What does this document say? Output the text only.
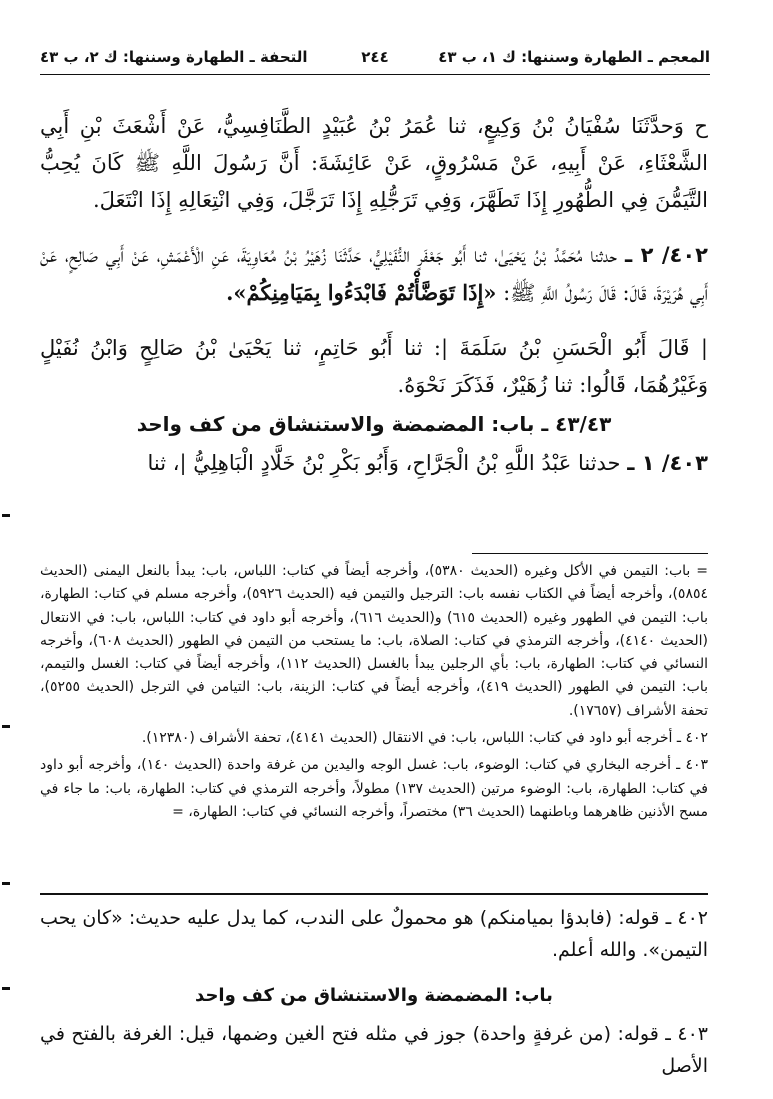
المعجم ـ الطهارة وسننها: ك ١، ب ٤٣
٢٤٤
التحفة ـ الطهارة وسننها: ك ٢، ب ٤٣

ح وَحدَّثَنَا سُفْيَانُ بْنُ وَكِيعٍ، ثنا عُمَرُ بْنُ عُبَيْدٍ الطَّنَافِسِيُّ، عَنْ أَشْعَثَ بْنِ أَبِي الشَّعْثَاءِ، عَنْ أَبِيهِ، عَنْ مَسْرُوقٍ، عَنْ عَائِشَةَ: أَنَّ رَسُولَ اللَّهِ ﷺ كَانَ يُحِبُّ التَّيَمُّنَ فِي الطُّهُورِ إِذَا تَطَهَّرَ، وَفِي تَرَجُّلِهِ إِذَا تَرَجَّلَ، وَفِي انْتِعَالِهِ إِذَا انْتَعَلَ.

٤٠٢/ ٢ ـ حدثنا مُحَمَّدُ بْنُ يَحْيَىٰ، ثنا أَبُو جَعْفَرٍ النُّفَيْلِيُّ، حَدَّثَنَا زُهَيْرُ بْنُ مُعَاوِيَةَ، عَنِ الْأَعْمَشِ، عَنْ أَبِي صَالِحٍ، عَنْ أَبِي هُرَيْرَةَ، قَالَ: قَالَ رَسُولُ اللَّهِ ﷺ: «إِذَا تَوَضَّأْتُمْ فَابْدَءُوا بِمَيَامِنِكُمْ».

| قَالَ أَبُو الْحَسَنِ بْنُ سَلَمَةَ |: ثنا أَبُو حَاتِمٍ، ثنا يَحْيَىٰ بْنُ صَالِحٍ وَابْنُ نُفَيْلٍ وَغَيْرُهُمَا، قَالُوا: ثنا زُهَيْرٌ، فَذَكَرَ نَحْوَهُ.

٤٣/٤٣ ـ باب: المضمضة والاستنشاق من كف واحد

٤٠٣/ ١ ـ حدثنا عَبْدُ اللَّهِ بْنُ الْجَرَّاحِ، وَأَبُو بَكْرِ بْنُ خَلَّادٍ الْبَاهِلِيُّ |، ثنا

= باب: التيمن في الأكل وغيره (الحديث ٥٣٨٠)، وأخرجه أيضاً في كتاب: اللباس، باب: يبدأ بالنعل اليمنى (الحديث ٥٨٥٤)، وأخرجه أيضاً في الكتاب نفسه باب: الترجيل والتيمن فيه (الحديث ٥٩٢٦)، وأخرجه مسلم في كتاب: الطهارة، باب: التيمن في الطهور وغيره (الحديث ٦١٥) و(الحديث ٦١٦)، وأخرجه أبو داود في كتاب: اللباس، باب: في الانتعال (الحديث ٤١٤٠)، وأخرجه الترمذي في كتاب: الصلاة، باب: ما يستحب من التيمن في الطهور (الحديث ٦٠٨)، وأخرجه النسائي في كتاب: الطهارة، باب: بأي الرجلين يبدأ بالغسل (الحديث ١١٢)، وأخرجه أيضاً في كتاب: الغسل والتيمم، باب: التيمن في الطهور (الحديث ٤١٩)، وأخرجه أيضاً في كتاب: الزينة، باب: التيامن في الترجل (الحديث ٥٢٥٥)، تحفة الأشراف (١٧٦٥٧).

٤٠٢ ـ أخرجه أبو داود في كتاب: اللباس، باب: في الانتقال (الحديث ٤١٤١)، تحفة الأشراف (١٢٣٨٠).

٤٠٣ ـ أخرجه البخاري في كتاب: الوضوء، باب: غسل الوجه واليدين من غرفة واحدة (الحديث ١٤٠)، وأخرجه أبو داود في كتاب: الطهارة، باب: الوضوء مرتين (الحديث ١٣٧) مطولاً، وأخرجه الترمذي في كتاب: الطهارة، باب: ما جاء في مسح الأذنين ظاهرهما وباطنهما (الحديث ٣٦) مختصراً، وأخرجه النسائي في كتاب: الطهارة، =

٤٠٢ ـ قوله: (فابدؤا بميامنكم) هو محمولٌ على الندب، كما يدل عليه حديث: «كان يحب التيمن». والله أعلم.

باب: المضمضة والاستنشاق من كف واحد

٤٠٣ ـ قوله: (من غرفةٍ واحدة) جوز في مثله فتح الغين وضمها، قيل: الغرفة بالفتح في الأصل
